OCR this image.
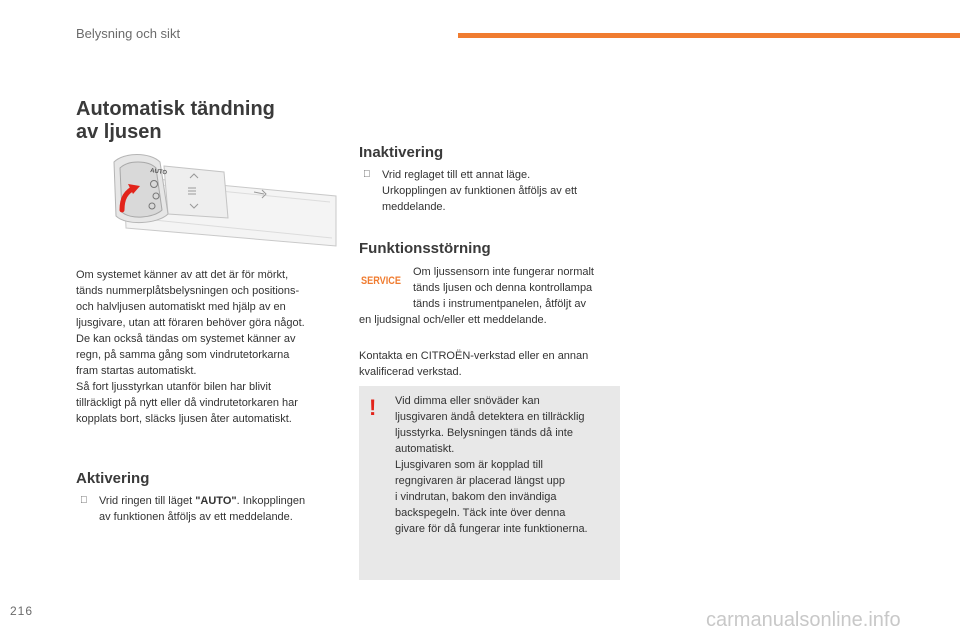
Belysning och sikt
Automatisk tändning
av ljusen
AUTO
Om systemet känner av att det är för mörkt,
tänds nummerplåtsbelysningen och positions-
och halvljusen automatiskt med hjälp av en
ljusgivare, utan att föraren behöver göra något.
De kan också tändas om systemet känner av
regn, på samma gång som vindrutetorkarna
fram startas automatiskt.
Så fort ljusstyrkan utanför bilen har blivit
tillräckligt på nytt eller då vindrutetorkaren har
kopplats bort, släcks ljusen åter automatiskt.
Aktivering
Vrid ringen till läget "AUTO". Inkopplingen
av funktionen åtföljs av ett meddelande.
Inaktivering
Vrid reglaget till ett annat läge.
Urkopplingen av funktionen åtföljs av ett
meddelande.
Funktionsstörning
SERVICE
Om ljussensorn inte fungerar normalt
tänds ljusen och denna kontrollampa
tänds i instrumentpanelen, åtföljt av
en ljudsignal och/eller ett meddelande.
Kontakta en CITROËN-verkstad eller en annan
kvalificerad verkstad.
! Vid dimma eller snöväder kan
ljusgivaren ändå detektera en tillräcklig
ljusstyrka. Belysningen tänds då inte
automatiskt.
Ljusgivaren som är kopplad till
regngivaren är placerad längst upp
i vindrutan, bakom den invändiga
backspegeln. Täck inte över denna
givare för då fungerar inte funktionerna.
216	carmanualsonline.info
